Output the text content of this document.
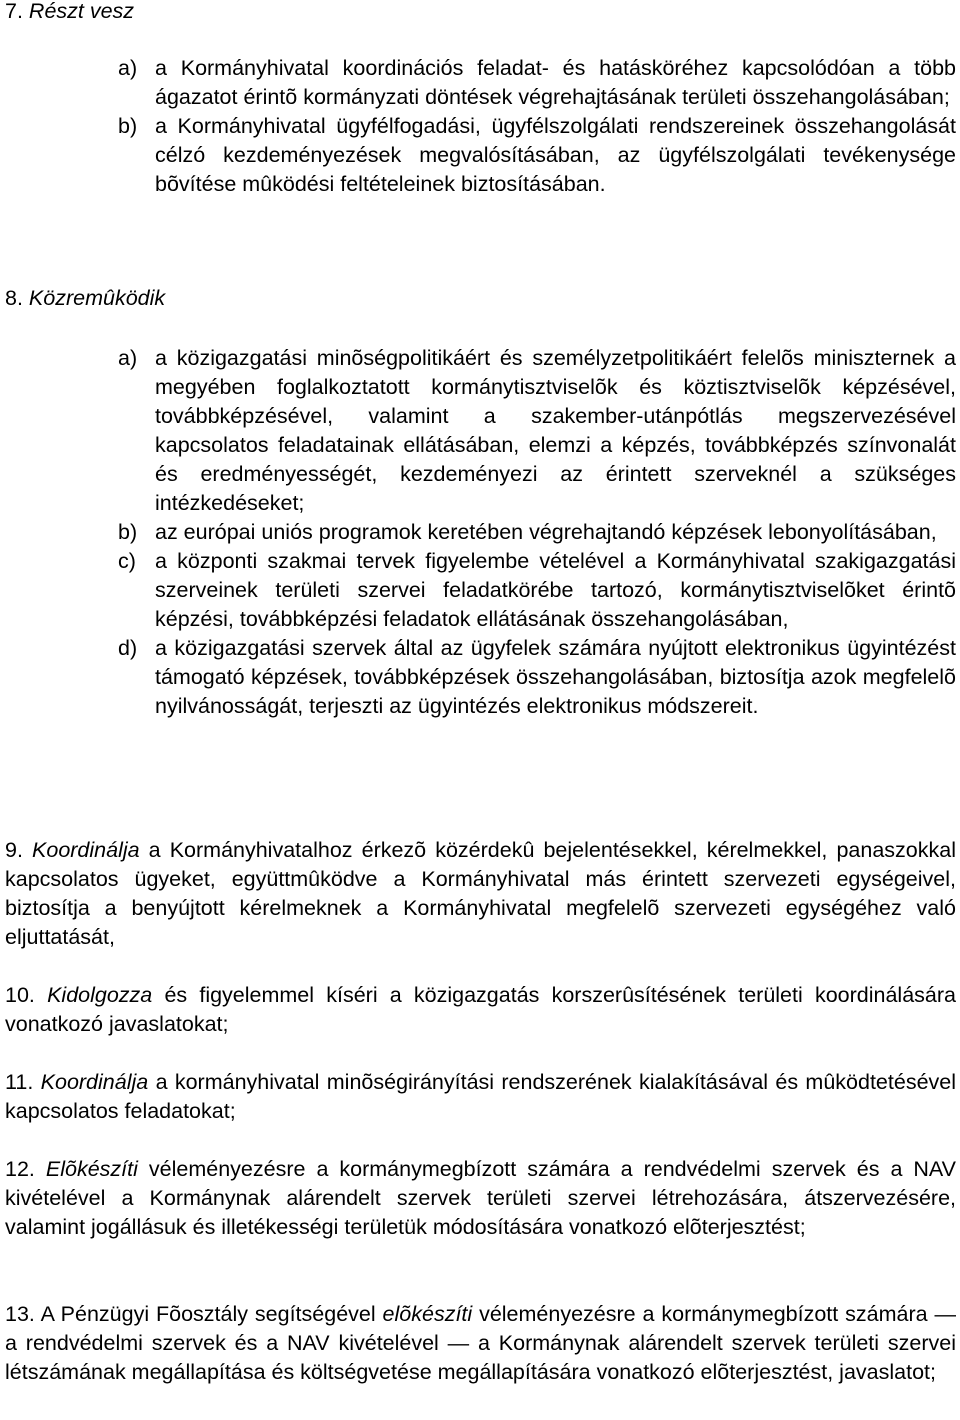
7. Részt vesz
a) a Kormányhivatal koordinációs feladat- és hatásköréhez kapcsolódóan a több ágazatot érintõ kormányzati döntések végrehajtásának területi összehangolásában;
b) a Kormányhivatal ügyfélfogadási, ügyfélszolgálati rendszereinek összehangolását célzó kezdeményezések megvalósításában, az ügyfélszolgálati tevékenysége bõvítése mûködési feltételeinek biztosításában.
8. Közremûködik
a) a közigazgatási minõségpolitikáért és személyzetpolitikáért felelõs miniszternek a megyében foglalkoztatott kormánytisztviselõk és köztisztviselõk képzésével, továbbképzésével, valamint a szakember-utánpótlás megszervezésével kapcsolatos feladatainak ellátásában, elemzi a képzés, továbbképzés színvonalát és eredményességét, kezdeményezi az érintett szerveknél a szükséges intézkedéseket;
b) az európai uniós programok keretében végrehajtandó képzések lebonyolításában,
c) a központi szakmai tervek figyelembe vételével a Kormányhivatal szakigazgatási szerveinek területi szervei feladatkörébe tartozó, kormánytisztviselõket érintõ képzési, továbbképzési feladatok ellátásának összehangolásában,
d) a közigazgatási szervek által az ügyfelek számára nyújtott elektronikus ügyintézést támogató képzések, továbbképzések összehangolásában, biztosítja azok megfelelõ nyilvánosságát, terjeszti az ügyintézés elektronikus módszereit.

9. Koordinálja a Kormányhivatalhoz érkezõ közérdekû bejelentésekkel, kérelmekkel, panaszokkal kapcsolatos ügyeket, együttmûködve a Kormányhivatal más érintett szervezeti egységeivel, biztosítja a benyújtott kérelmeknek a Kormányhivatal megfelelõ szervezeti egységéhez való eljuttatását,

10. Kidolgozza és figyelemmel kíséri a közigazgatás korszerûsítésének területi koordinálására vonatkozó javaslatokat;

11. Koordinálja a kormányhivatal minõségirányítási rendszerének kialakításával és mûködtetésével kapcsolatos feladatokat;

12. Elõkészíti véleményezésre a kormánymegbízott számára a rendvédelmi szervek és a NAV kivételével a Kormánynak alárendelt szervek területi szervei létrehozására, átszervezésére, valamint jogállásuk és illetékességi területük módosítására vonatkozó elõterjesztést;

13. A Pénzügyi Fõosztály segítségével elõkészíti véleményezésre a kormánymegbízott számára — a rendvédelmi szervek és a NAV kivételével — a Kormánynak alárendelt szervek területi szervei létszámának megállapítása és költségvetése megállapítására vonatkozó elõterjesztést, javaslatot;
